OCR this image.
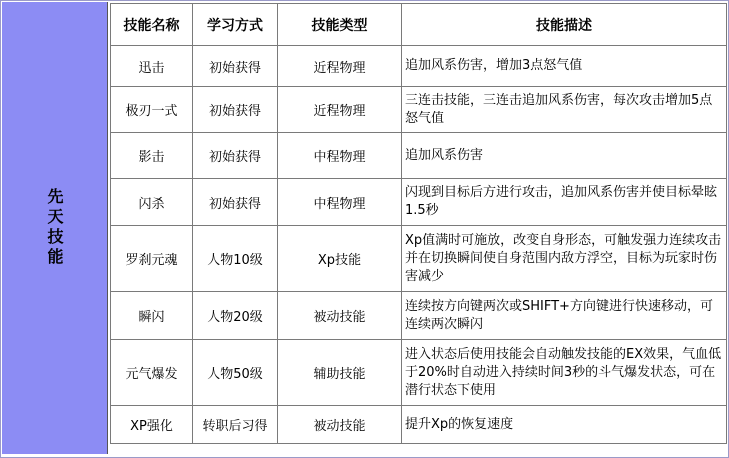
先天技能
技能名称	学习方式	技能类型	技能描述
迅击	初始获得	近程物理	追加风系伤害，增加3点怒气值
极刃一式	初始获得	近程物理	三连击技能，三连击追加风系伤害，每次攻击增加5点怒气值
影击	初始获得	中程物理	追加风系伤害
闪杀	初始获得	中程物理	闪现到目标后方进行攻击，追加风系伤害并使目标晕眩1.5秒
罗刹元魂	人物10级	Xp技能	Xp值满时可施放，改变自身形态，可触发强力连续攻击并在切换瞬间使自身范围内敌方浮空，目标为玩家时伤害减少
瞬闪	人物20级	被动技能	连续按方向键两次或SHIFT+方向键进行快速移动，可连续两次瞬闪
元气爆发	人物50级	辅助技能	进入状态后使用技能会自动触发技能的EX效果，气血低于20%时自动进入持续时间3秒的斗气爆发状态，可在潜行状态下使用
XP强化	转职后习得	被动技能	提升Xp的恢复速度
